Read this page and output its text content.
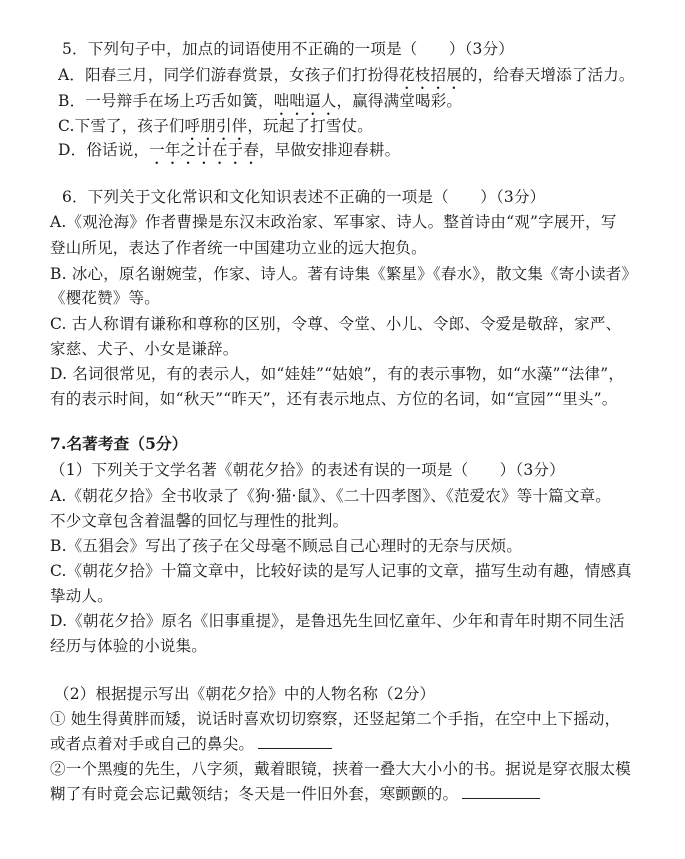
5．下列句子中，加点的词语使用不正确的一项是（　　）（3分）
A．阳春三月，同学们游春赏景，女孩子们打扮得花枝招展的，给春天增添了活力。
B．一号辩手在场上巧舌如簧，咄咄逼人，赢得满堂喝彩。
C.下雪了，孩子们呼朋引伴，玩起了打雪仗。
D．俗话说，一年之计在于春，早做安排迎春耕。
6．下列关于文化常识和文化知识表述不正确的一项是（　　）（3分）
A.《观沧海》作者曹操是东汉末政治家、军事家、诗人。整首诗由“观”字展开，写
登山所见，表达了作者统一中国建功立业的远大抱负。
B. 冰心，原名谢婉莹，作家、诗人。著有诗集《繁星》《春水》，散文集《寄小读者》
《樱花赞》等。
C. 古人称谓有谦称和尊称的区别，令尊、令堂、小儿、令郎、令爱是敬辞，家严、
家慈、犬子、小女是谦辞。
D. 名词很常见，有的表示人，如“娃娃”“姑娘”，有的表示事物，如“水藻”“法律”，
有的表示时间，如“秋天”“昨天”，还有表示地点、方位的名词，如“宣园”“里头”。
7.名著考查（5分）
（1）下列关于文学名著《朝花夕拾》的表述有误的一项是（　　）（3分）
A.《朝花夕拾》全书收录了《狗·猫·鼠》、《二十四孝图》、《范爱农》等十篇文章。
不少文章包含着温馨的回忆与理性的批判。
B.《五猖会》写出了孩子在父母毫不顾忌自己心理时的无奈与厌烦。
C.《朝花夕拾》十篇文章中，比较好读的是写人记事的文章，描写生动有趣，情感真
挚动人。
D.《朝花夕拾》原名《旧事重提》，是鲁迅先生回忆童年、少年和青年时期不同生活
经历与体验的小说集。
（2）根据提示写出《朝花夕拾》中的人物名称（2分）
① 她生得黄胖而矮，说话时喜欢切切察察，还竖起第二个手指，在空中上下摇动，
或者点着对手或自己的鼻尖。
②一个黑瘦的先生，八字须，戴着眼镜，挟着一叠大大小小的书。据说是穿衣服太模
糊了有时竟会忘记戴领结；冬天是一件旧外套，寒颤颤的。
